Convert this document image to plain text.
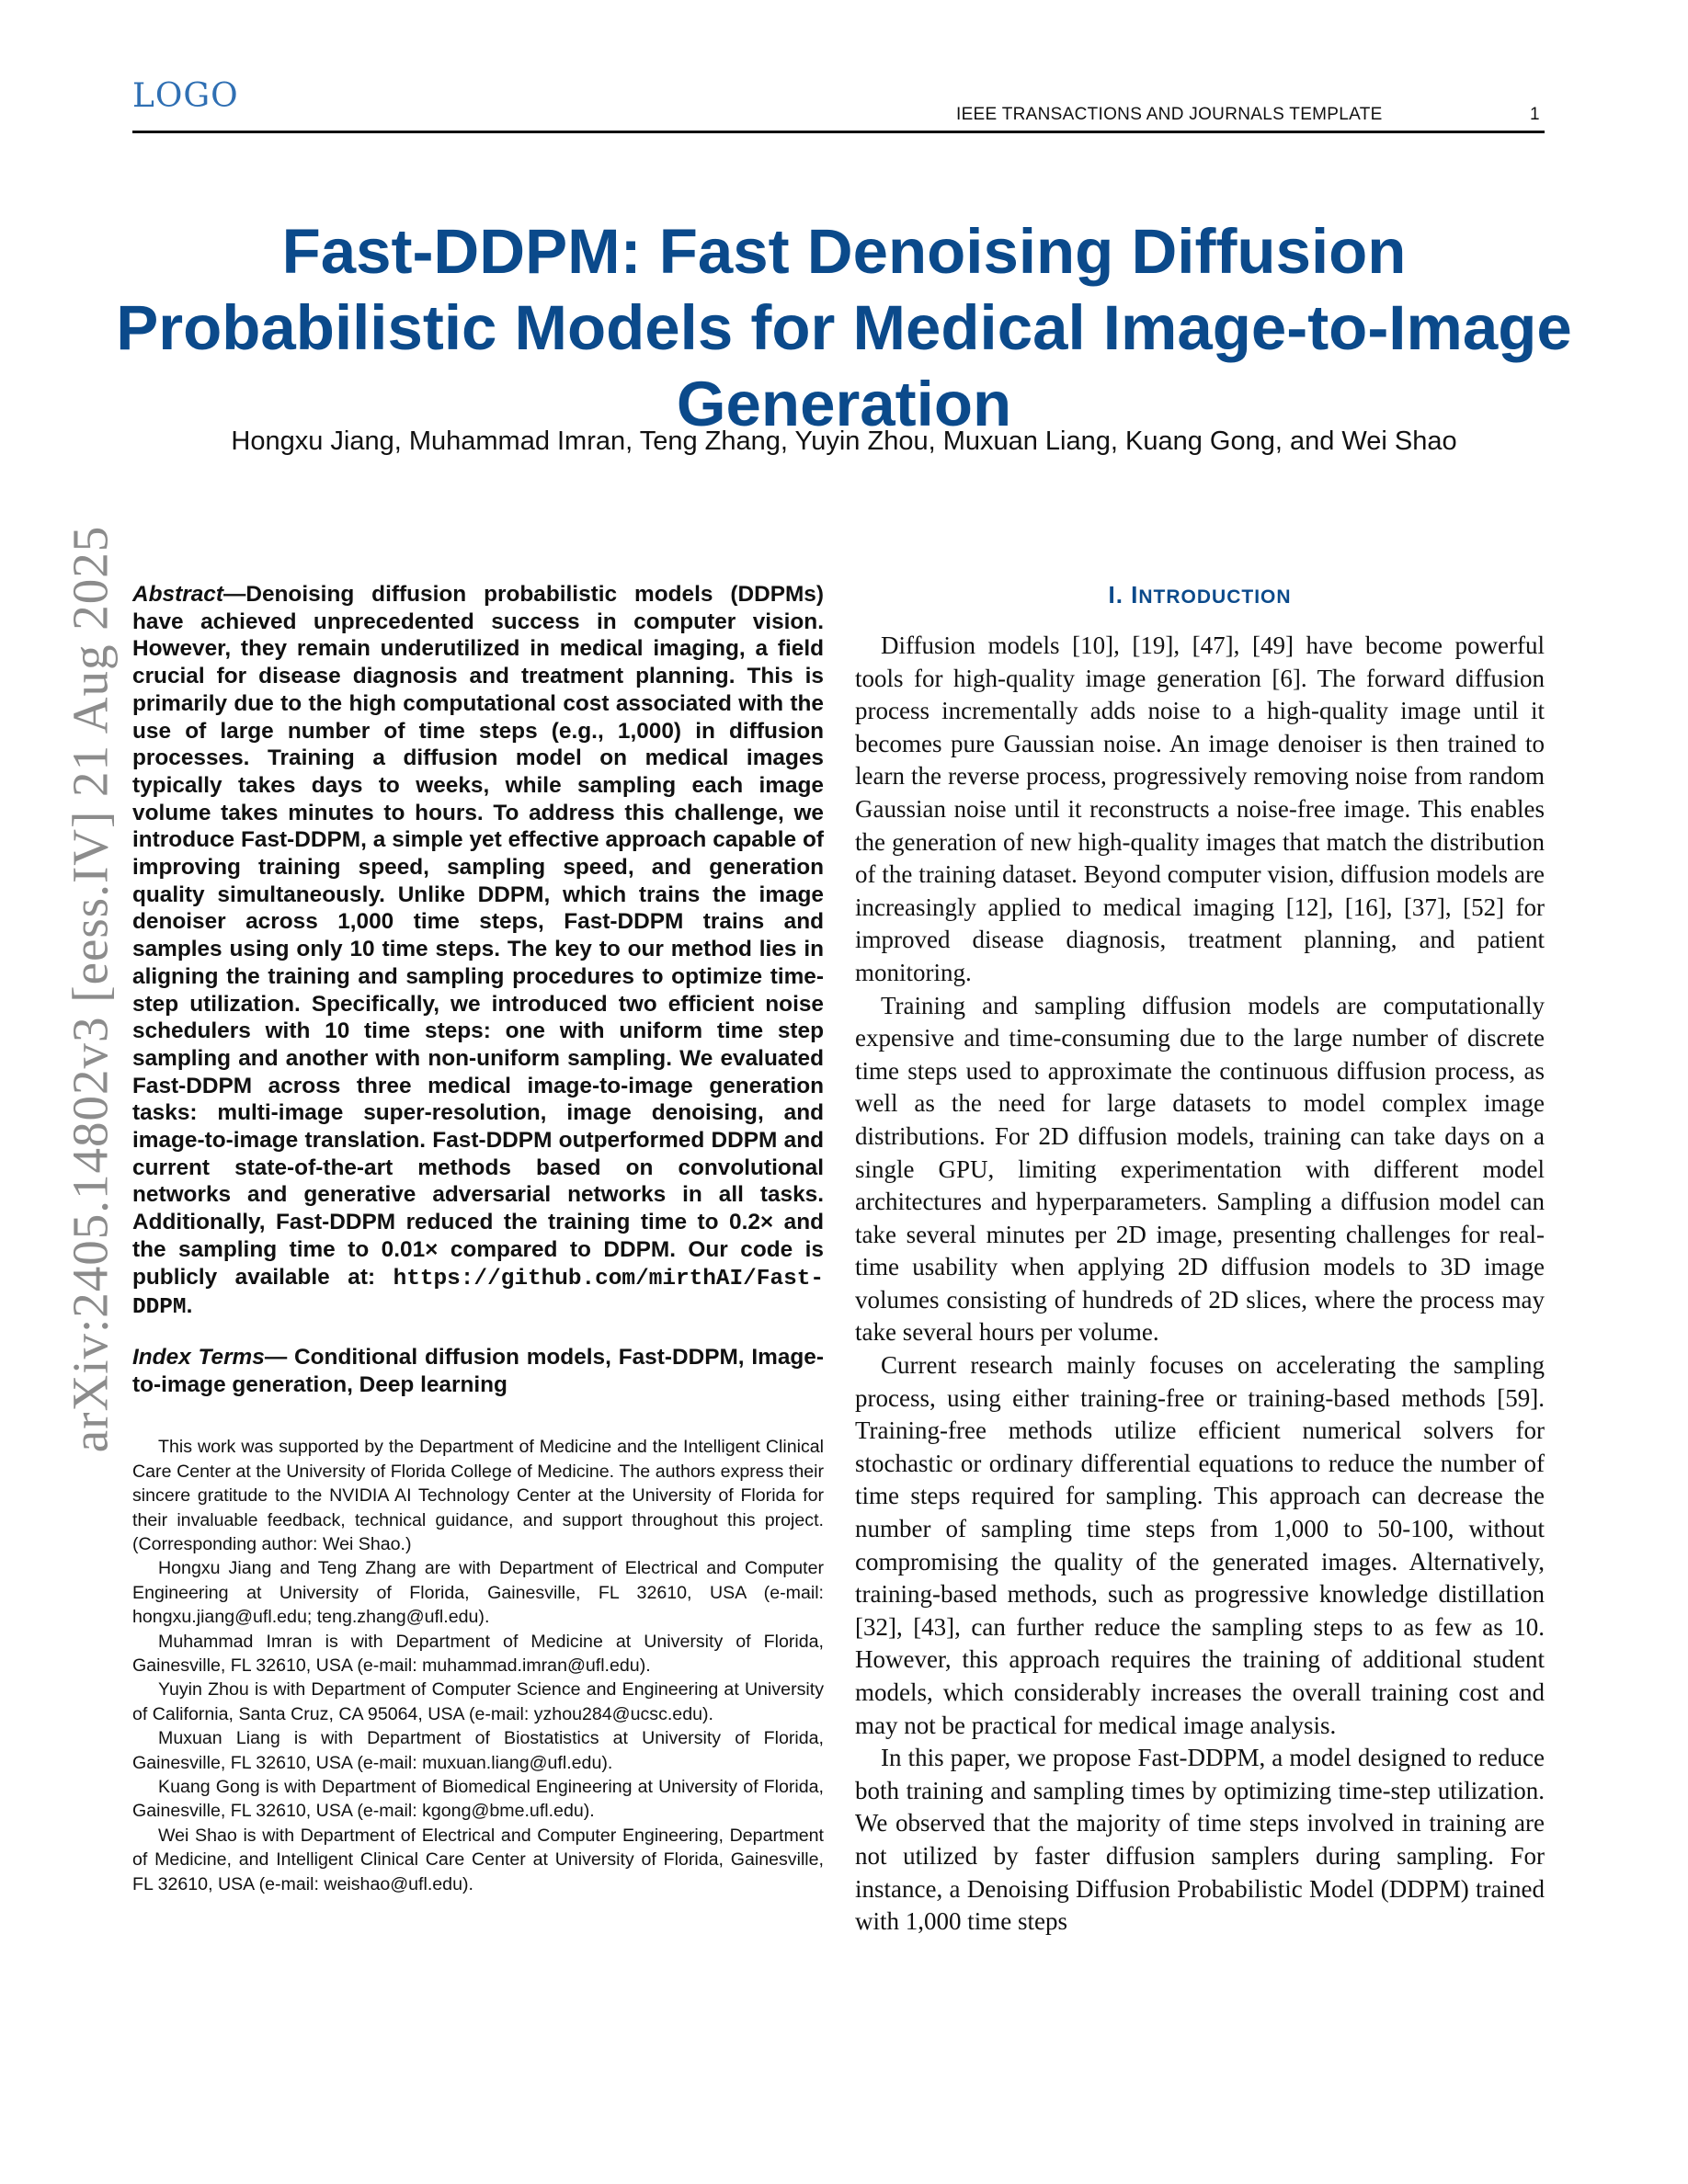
LOGO	IEEE TRANSACTIONS AND JOURNALS TEMPLATE	1
Fast-DDPM: Fast Denoising Diffusion Probabilistic Models for Medical Image-to-Image Generation
Hongxu Jiang, Muhammad Imran, Teng Zhang, Yuyin Zhou, Muxuan Liang, Kuang Gong, and Wei Shao
arXiv:2405.14802v3 [eess.IV] 21 Aug 2025 Abstract—Denoising diffusion probabilistic models (DDPMs) have achieved unprecedented success in computer vision. However, they remain underutilized in medical imaging, a field crucial for disease diagnosis and treatment planning. This is primarily due to the high computational cost associated with the use of large number of time steps (e.g., 1,000) in diffusion processes. Training a diffusion model on medical images typically takes days to weeks, while sampling each image volume takes minutes to hours. To address this challenge, we introduce Fast-DDPM, a simple yet effective approach capable of improving training speed, sampling speed, and generation quality simultaneously. Unlike DDPM, which trains the image denoiser across 1,000 time steps, Fast-DDPM trains and samples using only 10 time steps. The key to our method lies in aligning the training and sampling procedures to optimize time-step utilization. Specifically, we introduced two efficient noise schedulers with 10 time steps: one with uniform time step sampling and another with non-uniform sampling. We evaluated Fast-DDPM across three medical image-to-image generation tasks: multi-image super-resolution, image denoising, and image-to-image translation. Fast-DDPM outperformed DDPM and current state-of-the-art methods based on convolutional networks and generative adversarial networks in all tasks. Additionally, Fast-DDPM reduced the training time to 0.2× and the sampling time to 0.01× compared to DDPM. Our code is publicly available at: https://github.com/mirthAI/Fast-DDPM.

Index Terms— Conditional diffusion models, Fast-DDPM, Image-to-image generation, Deep learning

This work was supported by the Department of Medicine and the Intelligent Clinical Care Center at the University of Florida College of Medicine. The authors express their sincere gratitude to the NVIDIA AI Technology Center at the University of Florida for their invaluable feedback, technical guidance, and support throughout this project. (Corresponding author: Wei Shao.)

Hongxu Jiang and Teng Zhang are with Department of Electrical and Computer Engineering at University of Florida, Gainesville, FL 32610, USA (e-mail: hongxu.jiang@ufl.edu; teng.zhang@ufl.edu).

Muhammad Imran is with Department of Medicine at University of Florida, Gainesville, FL 32610, USA (e-mail: muhammad.imran@ufl.edu).

Yuyin Zhou is with Department of Computer Science and Engineering at University of California, Santa Cruz, CA 95064, USA (e-mail: yzhou284@ucsc.edu).

Muxuan Liang is with Department of Biostatistics at University of Florida, Gainesville, FL 32610, USA (e-mail: muxuan.liang@ufl.edu).

Kuang Gong is with Department of Biomedical Engineering at University of Florida, Gainesville, FL 32610, USA (e-mail: kgong@bme.ufl.edu).

Wei Shao is with Department of Electrical and Computer Engineering, Department of Medicine, and Intelligent Clinical Care Center at University of Florida, Gainesville, FL 32610, USA (e-mail: weishao@ufl.edu).

I. INTRODUCTION

Diffusion models [10], [19], [47], [49] have become powerful tools for high-quality image generation [6]. The forward diffusion process incrementally adds noise to a high-quality image until it becomes pure Gaussian noise. An image denoiser is then trained to learn the reverse process, progressively removing noise from random Gaussian noise until it reconstructs a noise-free image. This enables the generation of new high-quality images that match the distribution of the training dataset. Beyond computer vision, diffusion models are increasingly applied to medical imaging [12], [16], [37], [52] for improved disease diagnosis, treatment planning, and patient monitoring.

Training and sampling diffusion models are computationally expensive and time-consuming due to the large number of discrete time steps used to approximate the continuous diffusion process, as well as the need for large datasets to model complex image distributions. For 2D diffusion models, training can take days on a single GPU, limiting experimentation with different model architectures and hyperparameters. Sampling a diffusion model can take several minutes per 2D image, presenting challenges for real-time usability when applying 2D diffusion models to 3D image volumes consisting of hundreds of 2D slices, where the process may take several hours per volume.

Current research mainly focuses on accelerating the sampling process, using either training-free or training-based methods [59]. Training-free methods utilize efficient numerical solvers for stochastic or ordinary differential equations to reduce the number of time steps required for sampling. This approach can decrease the number of sampling time steps from 1,000 to 50-100, without compromising the quality of the generated images. Alternatively, training-based methods, such as progressive knowledge distillation [32], [43], can further reduce the sampling steps to as few as 10. However, this approach requires the training of additional student models, which considerably increases the overall training cost and may not be practical for medical image analysis.

In this paper, we propose Fast-DDPM, a model designed to reduce both training and sampling times by optimizing time-step utilization. We observed that the majority of time steps involved in training are not utilized by faster diffusion samplers during sampling. For instance, a Denoising Diffusion Probabilistic Model (DDPM) trained with 1,000 time steps
